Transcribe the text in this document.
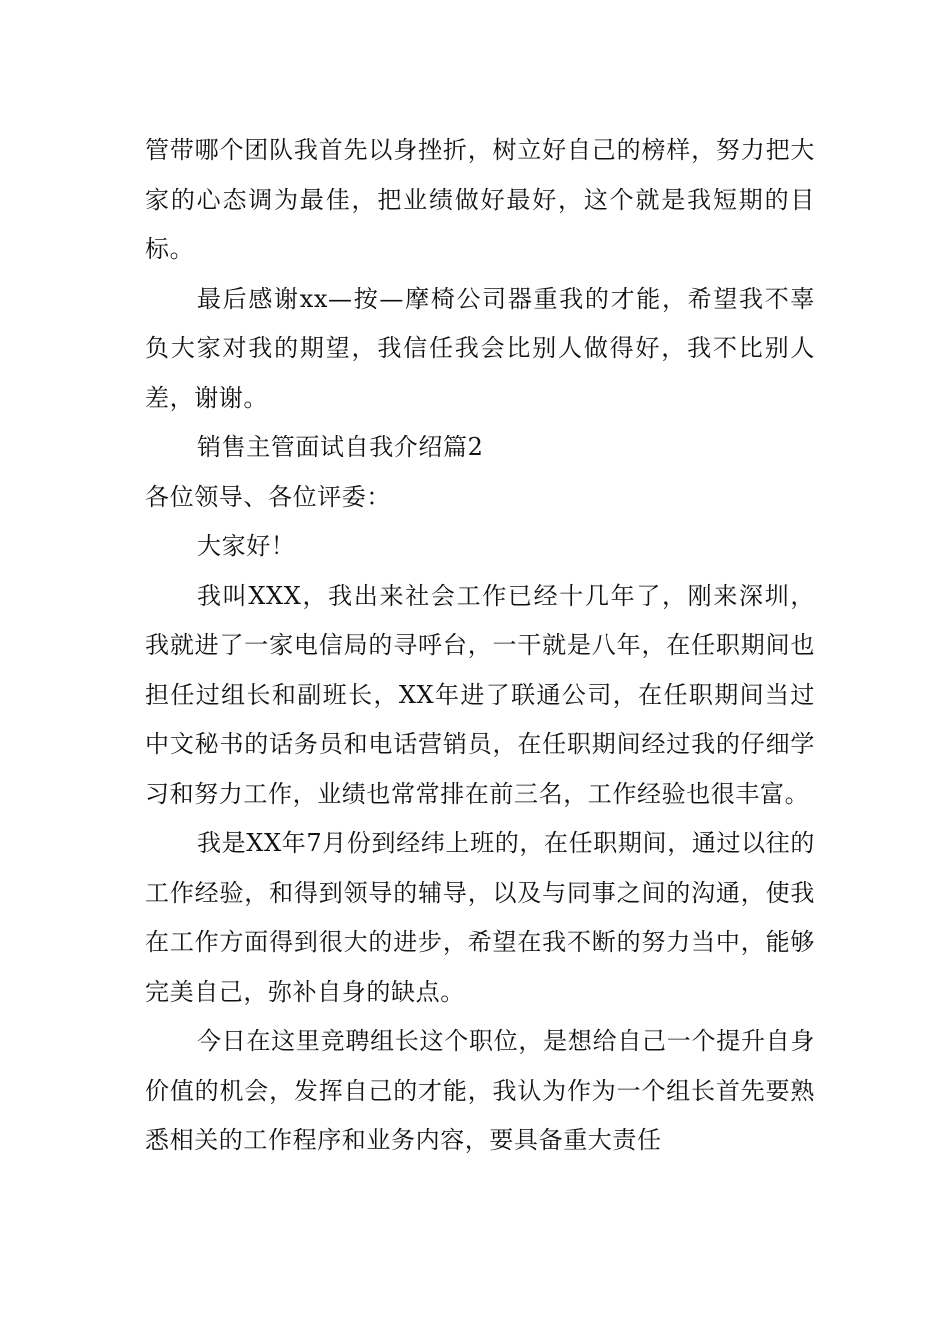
管带哪个团队我首先以身挫折，树立好自己的榜样，努力把大家的心态调为最佳，把业绩做好最好，这个就是我短期的目标。

最后感谢xx—按—摩椅公司器重我的才能，希望我不辜负大家对我的期望，我信任我会比别人做得好，我不比别人差，谢谢。

销售主管面试自我介绍篇2

各位领导、各位评委：

大家好！

我叫XXX，我出来社会工作已经十几年了，刚来深圳，我就进了一家电信局的寻呼台，一干就是八年，在任职期间也担任过组长和副班长，XX年进了联通公司，在任职期间当过中文秘书的话务员和电话营销员，在任职期间经过我的仔细学习和努力工作，业绩也常常排在前三名，工作经验也很丰富。

我是XX年7月份到经纬上班的，在任职期间，通过以往的工作经验，和得到领导的辅导，以及与同事之间的沟通，使我在工作方面得到很大的进步，希望在我不断的努力当中，能够完美自己，弥补自身的缺点。

今日在这里竞聘组长这个职位，是想给自己一个提升自身价值的机会，发挥自己的才能，我认为作为一个组长首先要熟悉相关的工作程序和业务内容，要具备重大责任
